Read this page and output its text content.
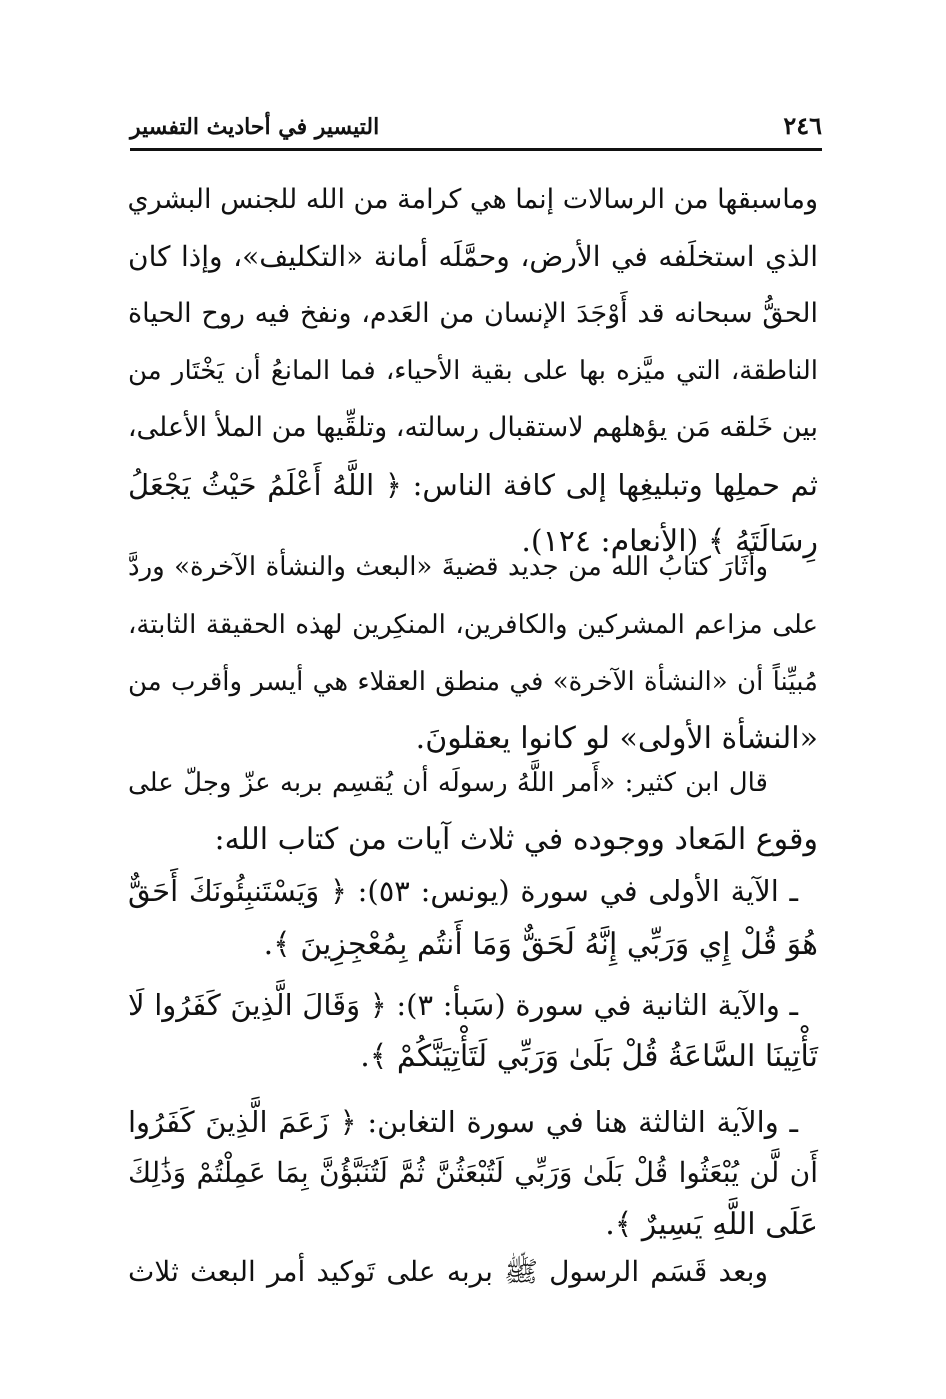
٢٤٦
التيسير في أحاديث التفسير
وماسبقها من الرسالات إنما هي كرامة من الله للجنس البشري
الذي استخلَفه في الأرض، وحمَّلَه أمانة «التكليف»، وإذا كان
الحقُّ سبحانه قد أَوْجَدَ الإنسان من العَدم، ونفخ فيه روح الحياة
الناطقة، التي ميَّزه بها على بقية الأحياء، فما المانعُ أن يَخْتَار من
بين خَلقه مَن يؤهلهم لاستقبال رسالته، وتلقِّيها من الملأ الأعلى،
ثم حملِها وتبليغِها إلى كافة الناس: ﴿ اللَّهُ أَعْلَمُ حَيْثُ يَجْعَلُ
رِسَالَتَهُ ﴾ (الأنعام: ١٢٤).
وأثَارَ كتابُ الله من جديد قضيةَ «البعث والنشأة الآخرة» وردَّ
على مزاعم المشركين والكافرين، المنكِرين لهذه الحقيقة الثابتة،
مُبيِّناً أن «النشأة الآخرة» في منطق العقلاء هي أيسر وأقرب من
«النشأة الأولى» لو كانوا يعقلونَ.
قال ابن كثير: «أَمر اللَّهُ رسولَه أن يُقسِم بربه عزّ وجلّ على
وقوع المَعاد ووجوده في ثلاث آيات من كتاب الله:
ـ الآية الأولى في سورة (يونس: ٥٣): ﴿ وَيَسْتَنبِئُونَكَ أَحَقٌّ
هُوَ قُلْ إِي وَرَبِّي إِنَّهُ لَحَقٌّ وَمَا أَنتُم بِمُعْجِزِينَ ﴾.
ـ والآية الثانية في سورة (سَبأ: ٣): ﴿ وَقَالَ الَّذِينَ كَفَرُوا لَا
تَأْتِينَا السَّاعَةُ قُلْ بَلَىٰ وَرَبِّي لَتَأْتِيَنَّكُمْ ﴾.
ـ والآية الثالثة هنا في سورة التغابن: ﴿ زَعَمَ الَّذِينَ كَفَرُوا
أَن لَّن يُبْعَثُوا قُلْ بَلَىٰ وَرَبِّي لَتُبْعَثُنَّ ثُمَّ لَتُنَبَّؤُنَّ بِمَا عَمِلْتُمْ وَذَٰلِكَ
عَلَى اللَّهِ يَسِيرٌ ﴾.
وبعد قَسَم الرسول ﷺ بربه على تَوكيد أمر البعث ثلاث
